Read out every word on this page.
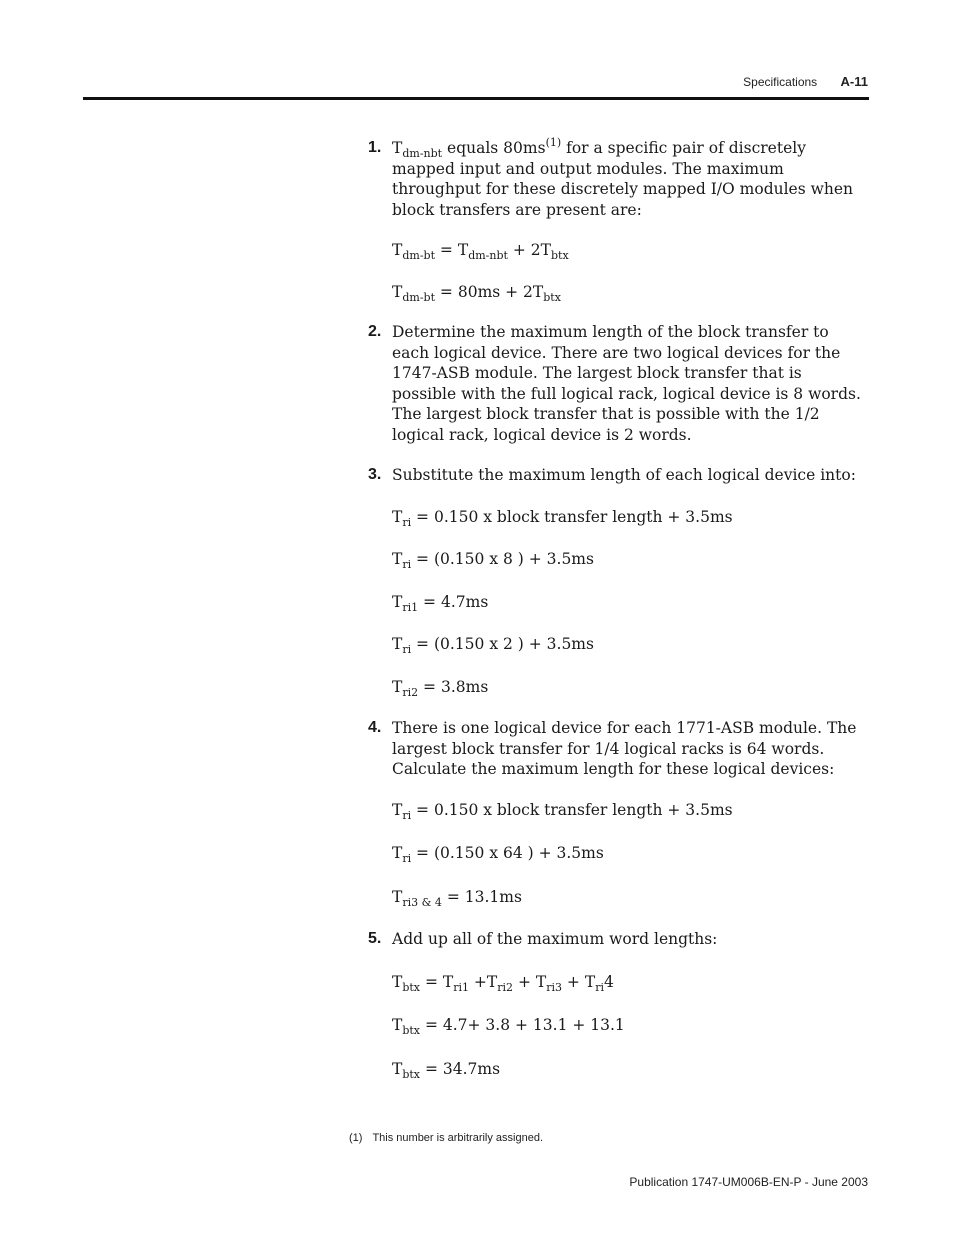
Specifications A-11
1. $T_{dm-nbt}$ equals $80ms^{(1)}$ for a specific pair of discretely mapped input and output modules. The maximum throughput for these discretely mapped I/O modules when block transfers are present are:
$T_{dm-bt} = T_{dm-nbt} + 2T_{btx}$
$T_{dm-bt} = 80ms + 2T_{btx}$
2. Determine the maximum length of the block transfer to each logical device. There are two logical devices for the 1747-ASB module. The largest block transfer that is possible with the full logical rack, logical device is 8 words. The largest block transfer that is possible with the 1/2 logical rack, logical device is 2 words.
3. Substitute the maximum length of each logical device into:
$T_{ri} = 0.150$ x block transfer length + 3.5ms
$T_{ri} = (0.150$ x 8 ) + 3.5ms
$T_{ri1} = 4.7ms$
$T_{ri} = (0.150$ x 2 ) + 3.5ms
$T_{ri2} = 3.8ms$
4. There is one logical device for each 1771-ASB module. The largest block transfer for 1/4 logical racks is 64 words. Calculate the maximum length for these logical devices:
$T_{ri} = 0.150$ x block transfer length + 3.5ms
$T_{ri} = (0.150$ x 64 ) + 3.5ms
$T_{ri3 \& 4} = 13.1ms$
5. Add up all of the maximum word lengths:
$T_{btx} = T_{ri1} +T_{ri2} + T_{ri3} + T_{ri}4$
$T_{btx} = 4.7+ 3.8 + 13.1 + 13.1$
$T_{btx} = 34.7ms$
(1) This number is arbitrarily assigned.
Publication 1747-UM006B-EN-P - June 2003
